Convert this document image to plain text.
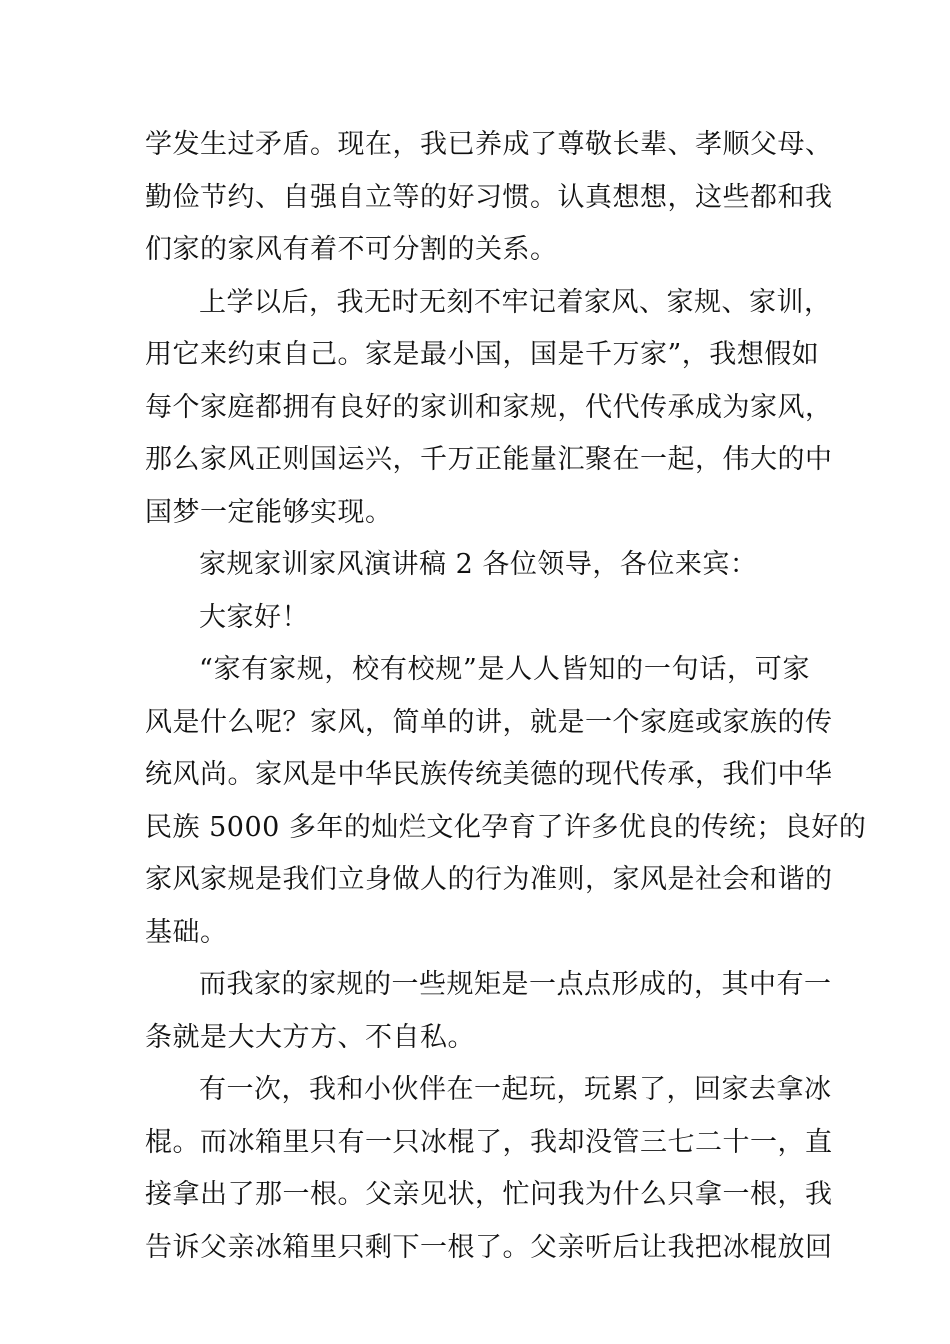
学发生过矛盾。现在，我已养成了尊敬长辈、孝顺父母、
勤俭节约、自强自立等的好习惯。认真想想，这些都和我
们家的家风有着不可分割的关系。
上学以后，我无时无刻不牢记着家风、家规、家训，
用它来约束自己。家是最小国，国是千万家”，我想假如
每个家庭都拥有良好的家训和家规，代代传承成为家风，
那么家风正则国运兴，千万正能量汇聚在一起，伟大的中
国梦一定能够实现。
家规家训家风演讲稿 2 各位领导，各位来宾：
大家好！
“家有家规，校有校规”是人人皆知的一句话，可家
风是什么呢？家风，简单的讲，就是一个家庭或家族的传
统风尚。家风是中华民族传统美德的现代传承，我们中华
民族 5000 多年的灿烂文化孕育了许多优良的传统；良好的
家风家规是我们立身做人的行为准则，家风是社会和谐的
基础。
而我家的家规的一些规矩是一点点形成的，其中有一
条就是大大方方、不自私。
有一次，我和小伙伴在一起玩，玩累了，回家去拿冰
棍。而冰箱里只有一只冰棍了，我却没管三七二十一，直
接拿出了那一根。父亲见状，忙问我为什么只拿一根，我
告诉父亲冰箱里只剩下一根了。父亲听后让我把冰棍放回
